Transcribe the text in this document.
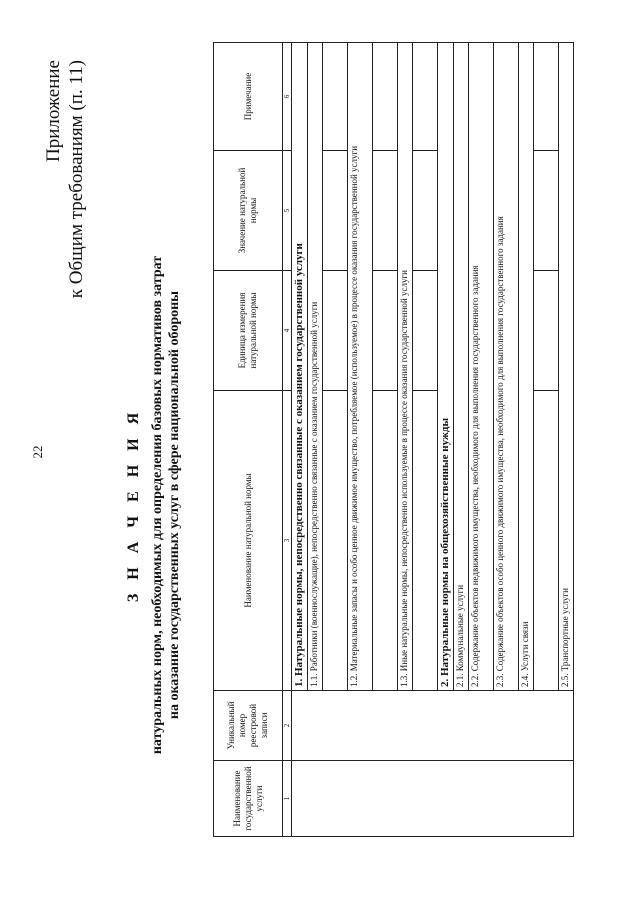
22
Приложение к Общим требованиям (п. 11)
З Н А Ч Е Н И Я натуральных норм, необходимых для определения базовых нормативов затрат на оказание государственных услуг в сфере национальной обороны
Наименование государственной услуги	Уникальный номер реестровой записи	Наименование натуральной нормы	Единица измерения натуральной нормы	Значение натуральной нормы	Примечание
1	2	3	4	5	6
		1. Натуральные нормы, непосредственно связанные с оказанием государственной услуги			
		1.1. Работники (военнослужащие), непосредственно связанные с оказанием государственной услуги			

		1.2. Материальные запасы и особо ценное движимое имущество, потребляемое (используемое) в процессе оказания государственной услуги			

		1.3. Иные натуральные нормы, непосредственно используемые в процессе оказания государственной услуги			

		2. Натуральные нормы на общехозяйственные нужды			
		2.1. Коммунальные услуги			
		2.2. Содержание объектов недвижимого имущества, необходимого для выполнения государственного задания			
		2.3. Содержание объектов особо ценного движимого имущества, необходимого для выполнения государственного задания			
		2.4. Услуги связи			

		2.5. Транспортные услуги			
